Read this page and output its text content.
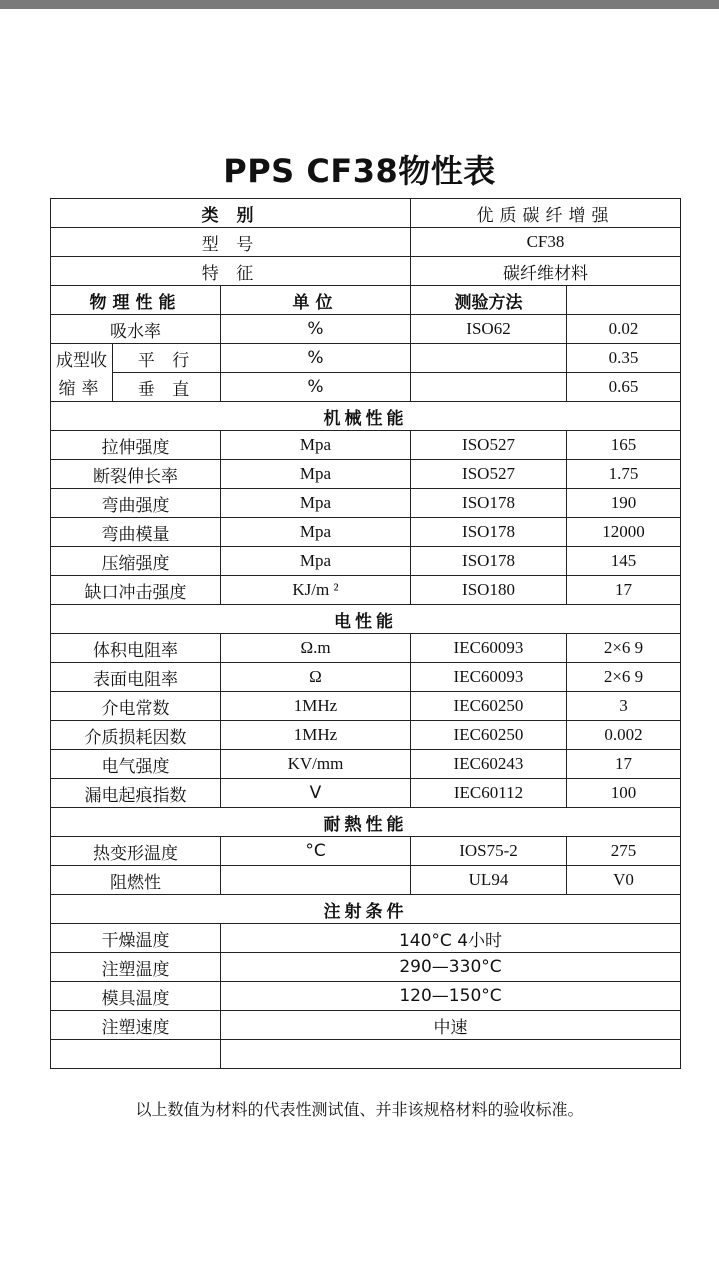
PPS CF38物性表
类 别			优质碳纤增强	
型 号			CF38	
特 征			碳纤维材料	
物理性能		单位	测验方法	
吸水率		%	ISO62	0.02
成型收	平 行	%		0.35
缩率	垂 直	%		0.65
机械性能				
拉伸强度		Mpa	ISO527	165
断裂伸长率		Mpa	ISO527	1.75
弯曲强度		Mpa	ISO178	190
弯曲模量		Mpa	ISO178	12000
压缩强度		Mpa	ISO178	145
缺口冲击强度		KJ/m ²	ISO180	17
电性能				
体积电阻率		Ω.m	IEC60093	2×6 9
表面电阻率		Ω	IEC60093	2×6 9
介电常数		1MHz	IEC60250	3
介质损耗因数		1MHz	IEC60250	0.002
电气强度		KV/mm	IEC60243	17
漏电起痕指数		V	IEC60112	100
耐熱性能				
热变形温度		°C	IOS75-2	275
阻燃性			UL94	V0
注射条件				
干燥温度		140°C 4小时		
注塑温度		290—330°C		
模具温度		120—150°C		
注塑速度		中速		

以上数值为材料的代表性测试值、并非该规格材料的验收标准。
